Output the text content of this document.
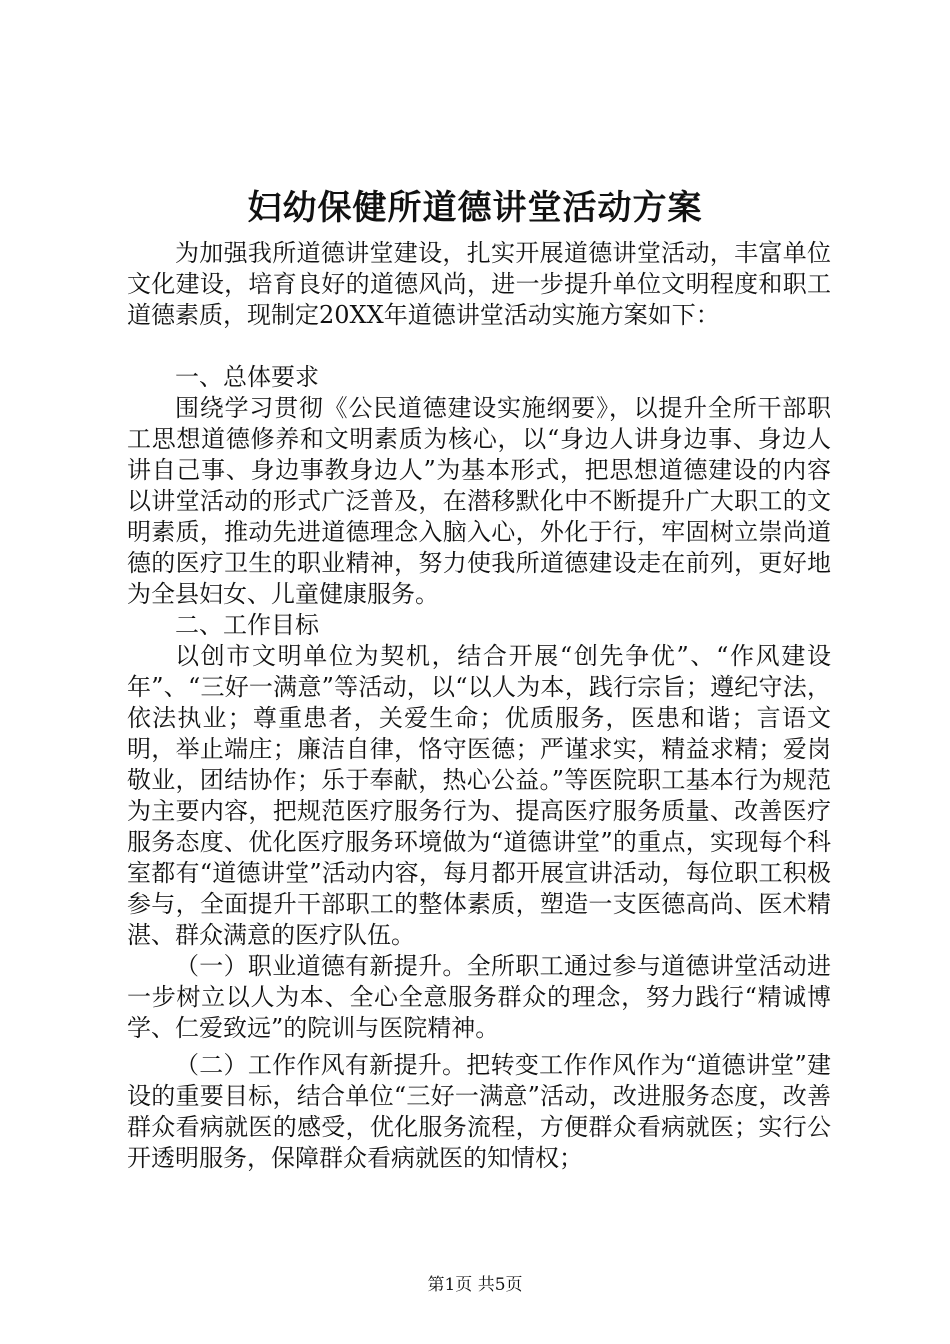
妇幼保健所道德讲堂活动方案

为加强我所道德讲堂建设，扎实开展道德讲堂活动，丰富单位文化建设，培育良好的道德风尚，进一步提升单位文明程度和职工道德素质，现制定20XX年道德讲堂活动实施方案如下：

一、总体要求

围绕学习贯彻《公民道德建设实施纲要》，以提升全所干部职工思想道德修养和文明素质为核心，以“身边人讲身边事、身边人讲自己事、身边事教身边人”为基本形式，把思想道德建设的内容以讲堂活动的形式广泛普及，在潜移默化中不断提升广大职工的文明素质，推动先进道德理念入脑入心，外化于行，牢固树立崇尚道德的医疗卫生的职业精神，努力使我所道德建设走在前列，更好地为全县妇女、儿童健康服务。

二、工作目标

以创市文明单位为契机，结合开展“创先争优”、“作风建设年”、“三好一满意”等活动，以“以人为本，践行宗旨；遵纪守法，依法执业；尊重患者，关爱生命；优质服务，医患和谐；言语文明，举止端庄；廉洁自律，恪守医德；严谨求实，精益求精；爱岗敬业，团结协作；乐于奉献，热心公益。”等医院职工基本行为规范为主要内容，把规范医疗服务行为、提高医疗服务质量、改善医疗服务态度、优化医疗服务环境做为“道德讲堂”的重点，实现每个科室都有“道德讲堂”活动内容，每月都开展宣讲活动，每位职工积极参与，全面提升干部职工的整体素质，塑造一支医德高尚、医术精湛、群众满意的医疗队伍。

（一）职业道德有新提升。全所职工通过参与道德讲堂活动进一步树立以人为本、全心全意服务群众的理念，努力践行“精诚博学、仁爱致远”的院训与医院精神。

（二）工作作风有新提升。把转变工作作风作为“道德讲堂”建设的重要目标，结合单位“三好一满意”活动，改进服务态度，改善群众看病就医的感受，优化服务流程，方便群众看病就医；实行公开透明服务，保障群众看病就医的知情权；

第1页 共5页
